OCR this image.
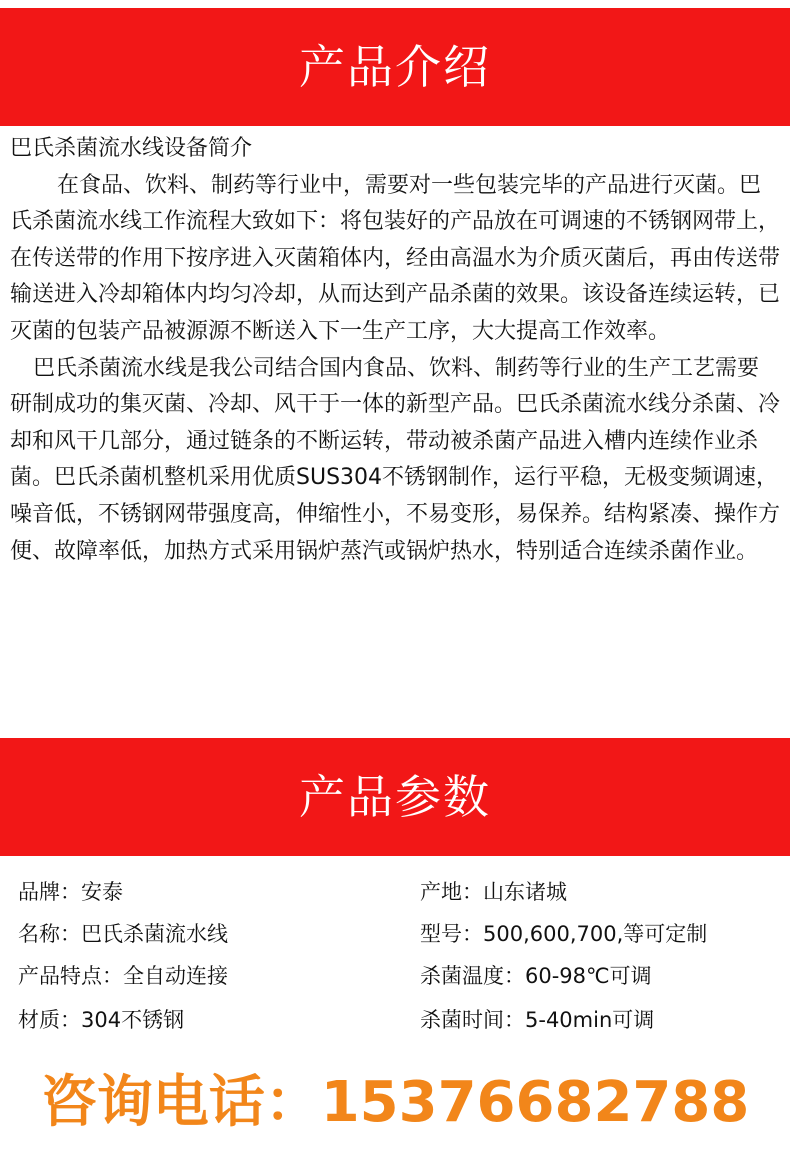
产品介绍

巴氏杀菌流水线设备简介

在食品、饮料、制药等行业中，需要对一些包装完毕的产品进行灭菌。巴氏杀菌流水线工作流程大致如下：将包装好的产品放在可调速的不锈钢网带上，在传送带的作用下按序进入灭菌箱体内，经由高温水为介质灭菌后，再由传送带输送进入冷却箱体内均匀冷却，从而达到产品杀菌的效果。该设备连续运转，已灭菌的包装产品被源源不断送入下一生产工序，大大提高工作效率。

巴氏杀菌流水线是我公司结合国内食品、饮料、制药等行业的生产工艺需要研制成功的集灭菌、冷却、风干于一体的新型产品。巴氏杀菌流水线分杀菌、冷却和风干几部分，通过链条的不断运转，带动被杀菌产品进入槽内连续作业杀菌。巴氏杀菌机整机采用优质SUS304不锈钢制作，运行平稳，无极变频调速，噪音低，不锈钢网带强度高，伸缩性小，不易变形，易保养。结构紧凑、操作方便、故障率低，加热方式采用锅炉蒸汽或锅炉热水，特别适合连续杀菌作业。

产品参数
品牌：安泰	产地：山东诸城
名称：巴氏杀菌流水线	型号：500,600,700,等可定制
产品特点：全自动连接	杀菌温度：60-98℃可调
材质：304不锈钢	杀菌时间：5-40min可调
咨询电话：15376682788
